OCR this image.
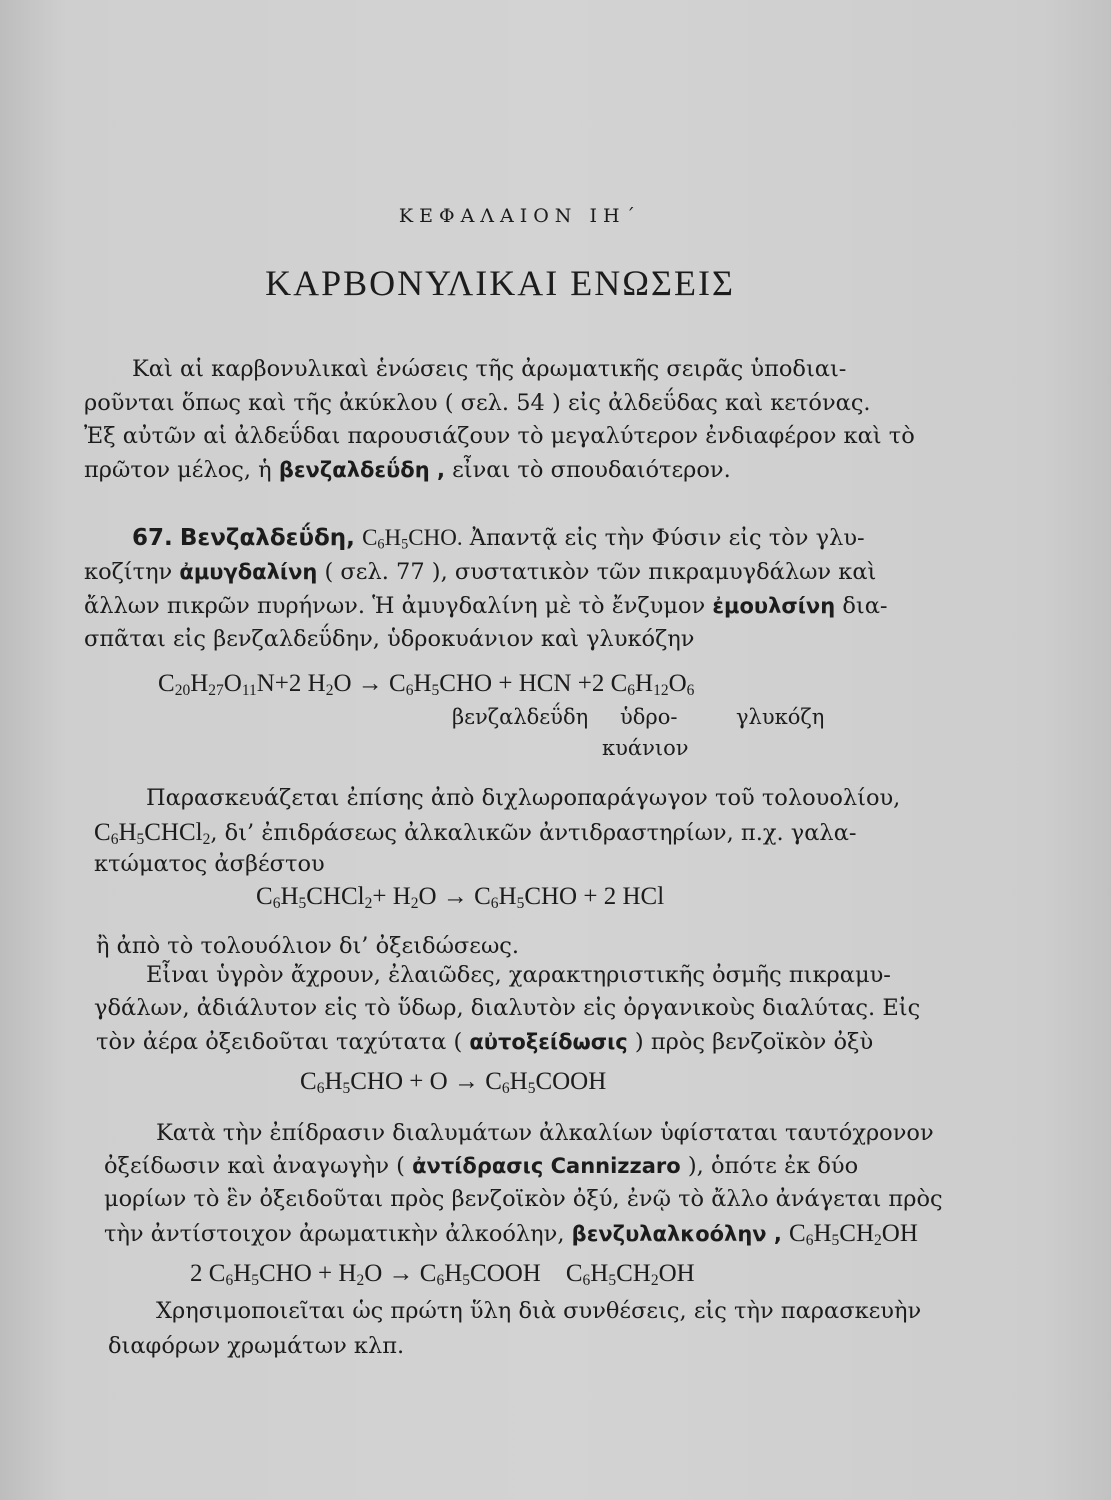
ΚΕΦΑΛΑΙΟΝ ΙΗ΄
ΚΑΡΒΟΝΥΛΙΚΑΙ ΕΝΩΣΕΙΣ
Καὶ αἱ καρβονυλικαὶ ἑνώσεις τῆς ἀρωματικῆς σειρᾶς ὑποδιαι-
ροῦνται ὅπως καὶ τῆς ἀκύκλου ( σελ. 54 ) εἰς ἀλδεΰδας καὶ κετόνας.
Ἐξ αὐτῶν αἱ ἀλδεΰδαι παρουσιάζουν τὸ μεγαλύτερον ἐνδιαφέρον καὶ τὸ
πρῶτον μέλος, ἡ βενζαλδεΰδη , εἶναι τὸ σπουδαιότερον.
67. Βενζαλδεΰδη, $C_6H_5CHO$. Ἀπαντᾷ εἰς τὴν Φύσιν εἰς τὸν γλυ-
κοζίτην ἀμυγδαλίνη ( σελ. 77 ), συστατικὸν τῶν πικραμυγδάλων καὶ
ἄλλων πικρῶν πυρήνων. Ἡ ἀμυγδαλίνη μὲ τὸ ἔνζυμον ἐμουλσίνη δια-
σπᾶται εἰς βενζαλδεΰδην, ὑδροκυάνιον καὶ γλυκόζην
$C_{20}H_{27}O_{11}N+2$ $H_2O \to C_6H_5CHO$ + HCN +2 $C_6H_{12}O_6$
βενζαλδεΰδη ὑδρο-
κυάνιον
γλυκόζη
Παρασκευάζεται ἐπίσης ἀπὸ διχλωροπαράγωγον τοῦ τολουολίου,
$C_6H_5CHCl_2$, δι’ ἐπιδράσεως ἀλκαλικῶν ἀντιδραστηρίων, π.χ. γαλα-
κτώματος ἀσβέστου
$C_6H_5CHCl_2+ H_2O \to C_6H_5CHO + 2$ HCl
ἢ ἀπὸ τὸ τολουόλιον δι’ ὀξειδώσεως.
Εἶναι ὑγρὸν ἄχρουν, ἐλαιῶδες, χαρακτηριστικῆς ὀσμῆς πικραμυ-
γδάλων, ἀδιάλυτον εἰς τὸ ὕδωρ, διαλυτὸν εἰς ὀργανικοὺς διαλύτας. Εἰς
τὸν ἀέρα ὀξειδοῦται ταχύτατα ( αὐτοξείδωσις ) πρὸς βενζοϊκὸν ὀξὺ
$C_6H_5CHO + O$ → $C_6H_5COOH$
Κατὰ τὴν ἐπίδρασιν διαλυμάτων ἀλκαλίων ὑφίσταται ταυτόχρονον
ὀξείδωσιν καὶ ἀναγωγὴν ( ἀντίδρασις Cannizzaro ), ὁπότε ἐκ δύο
μορίων τὸ ἓν ὀξειδοῦται πρὸς βενζοϊκὸν ὀξύ, ἐνῷ τὸ ἄλλο ἀνάγεται πρὸς
τὴν ἀντίστοιχον ἀρωματικὴν ἀλκοόλην, βενζυλαλκοόλην , $C_6H_5CH_2OH$
2 $C_6H_5CHO + H_2O$ → $C_6H_5COOH$ $C_6H_5CH_2OH$
Χρησιμοποιεῖται ὡς πρώτη ὕλη διὰ συνθέσεις, εἰς τὴν παρασκευὴν
διαφόρων χρωμάτων κλπ.
